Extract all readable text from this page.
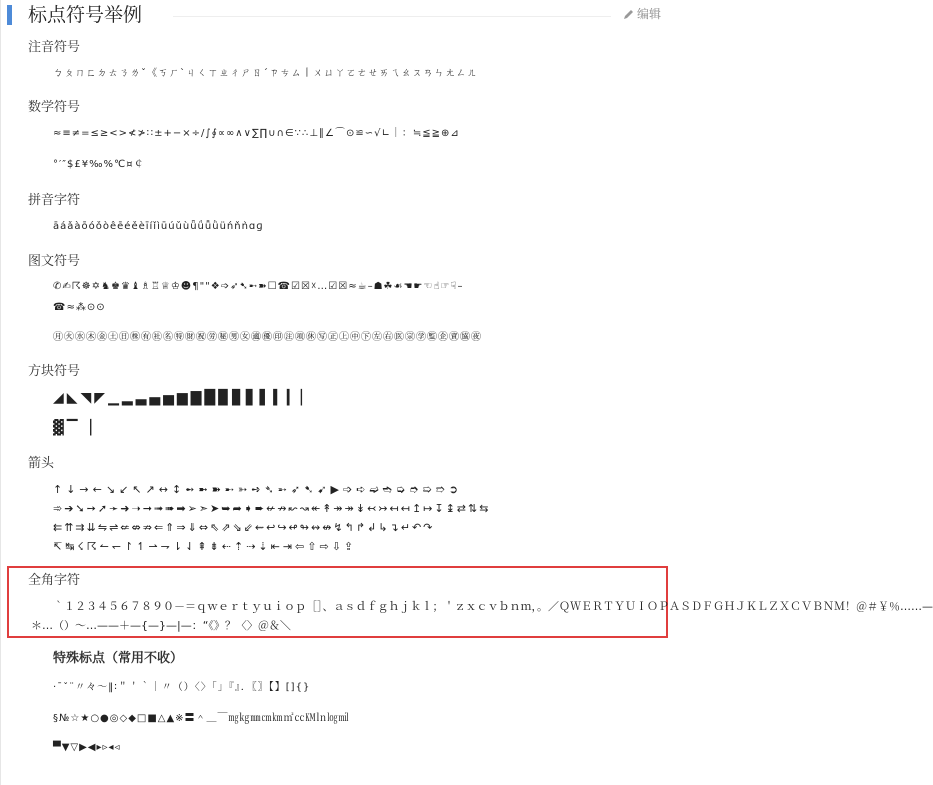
标点符号举例	编辑
注音符号
ㄅㄆㄇㄈㄉㄊㄋㄌˇ《ㄎㄏˋㄐㄑㄒㄓㄔㄕㄖˊㄗㄘㄙ丨ㄨㄩㄚㄛㄜㄝㄞㄟㄠㄡㄢㄣㄤㄥㄦ
数学符号
≈≡≠=≤≥<>≮≯∷±+−×÷/∫∮∝∞∧∨∑∏∪∩∈∵∴⊥∥∠⌒⊙≌∽√∟｜：≒≦≧⊕⊿
°′″$£¥‰%℃¤￠
拼音字符
āáǎàōóǒòêēéěèīíǐìūúǔùǖǘǚǜüńňǹɑɡ
图文符号
✆✍☈☸✡♞♚♛♝♗♖♕♔☻¶""❖➩➶➷➸➽☐☎☑☒☓…☑☒≈☕–☗☘☙☚☛☜☝☞☟–
☎≈⁂⊙⊙
㊊㊋㊌㊍㊎㊏㊐㊑㊒㊓㊔㊕㊖㊗㊘㊙㊚㊛㊜㊝㊞㊟㊠㊡㊢㊣㊤㊥㊦㊧㊨㊩㊪㊫㊬㊭㊮㊯㊰
方块符号
◢◣◥◤▁▂▃▄▅▆▇█▉▊▋▌▍▎▏
▓▔▕
箭头
↑↓→←↘↙↖↗↔↕➻➼➽➸➳➺➴➵➶➷➹▶➩➪➫➬➭➮➯➱➲
➾➔➘➙➚➛➜➝➞➟➠➡➢➣➤➥➦➧➨↚↛↜↝↞↟↠↠↡↢↣↤↤↥↦↧↨⇄⇅⇆
⇇⇈⇉⇊⇋⇌⇍⇎⇏⇐⇑⇒⇓⇔⇖⇗⇘⇙⇜↩↪↫↬↭↮↯↰↱↲↳↴↵↶↷
↸↹☇☈↼↽↾↿⇀⇁⇂⇃⇞⇟⇠⇡⇢⇣⇤⇥⇦⇧⇨⇩⇪
全角字符
｀１２３４５６７８９０－＝ｑｗｅｒｔｙｕｉｏｐ［］、ａｓｄｆｇｈｊｋｌ；＇ｚｘｃｖｂｎｍ，。／ＱＷＥＲＴＹＵＩＯＰＡＳＤＦＧＨＪＫＬＺＸＣＶＢＮＭ！＠＃￥％……—
＊…（）～…——＋—{—}—|—：“《》？〈〉＠＆＼
特殊标点（常用不收）
·ˉˇ¨〃々～‖∶＂＇｀｜〃（）〈〉「」『』．〖〗【】[]{}
§№☆★○●◎◇◆□■△▲※〓＾＿￣㎎㎏㎜㎝㎞㎡㏄㏎㏑㏒㏕
▀▼▽▶◀▸▹◂◃
